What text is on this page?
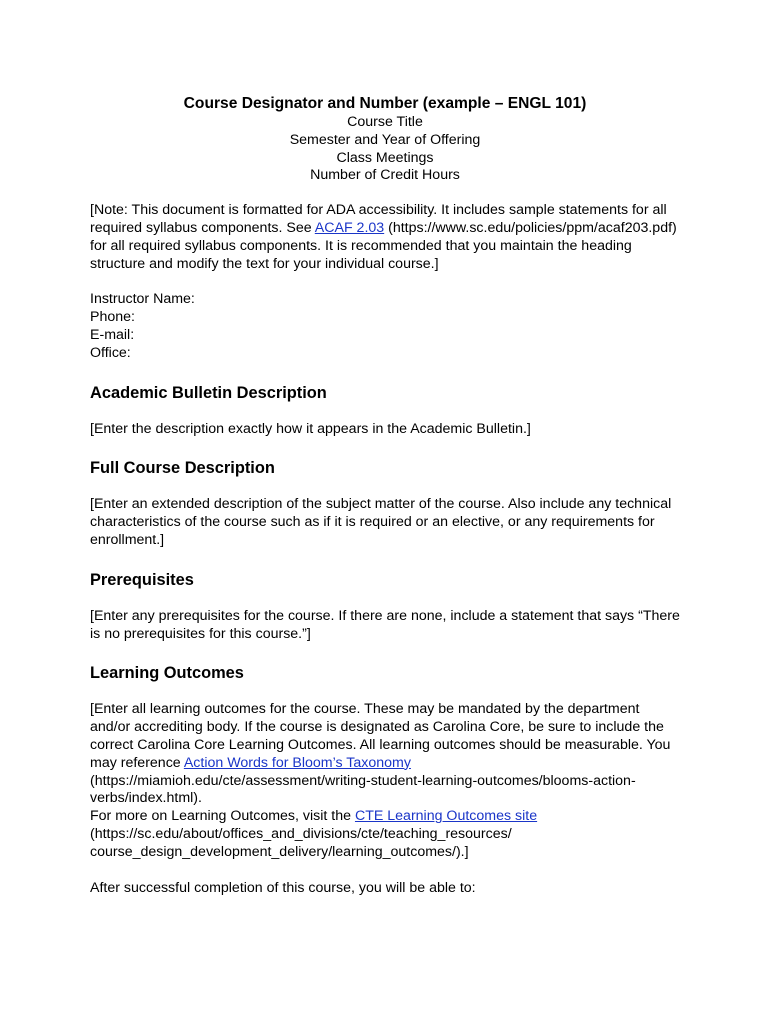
Course Designator and Number (example – ENGL 101)
Course Title
Semester and Year of Offering
Class Meetings
Number of Credit Hours

[Note: This document is formatted for ADA accessibility. It includes sample statements for all required syllabus components. See ACAF 2.03 (https://www.sc.edu/policies/ppm/acaf203.pdf) for all required syllabus components. It is recommended that you maintain the heading structure and modify the text for your individual course.]

Instructor Name:
Phone:
E-mail:
Office:
Academic Bulletin Description

[Enter the description exactly how it appears in the Academic Bulletin.]

Full Course Description

[Enter an extended description of the subject matter of the course. Also include any technical characteristics of the course such as if it is required or an elective, or any requirements for enrollment.]

Prerequisites

[Enter any prerequisites for the course. If there are none, include a statement that says “There is no prerequisites for this course.”]

Learning Outcomes

[Enter all learning outcomes for the course. These may be mandated by the department and/or accrediting body. If the course is designated as Carolina Core, be sure to include the correct Carolina Core Learning Outcomes. All learning outcomes should be measurable. You may reference Action Words for Bloom’s Taxonomy (https://miamioh.edu/cte/assessment/writing-student-learning-outcomes/blooms-action-verbs/index.html).
For more on Learning Outcomes, visit the CTE Learning Outcomes site (https://sc.edu/about/offices_and_divisions/cte/teaching_resources/ course_design_development_delivery/learning_outcomes/).]

After successful completion of this course, you will be able to:
